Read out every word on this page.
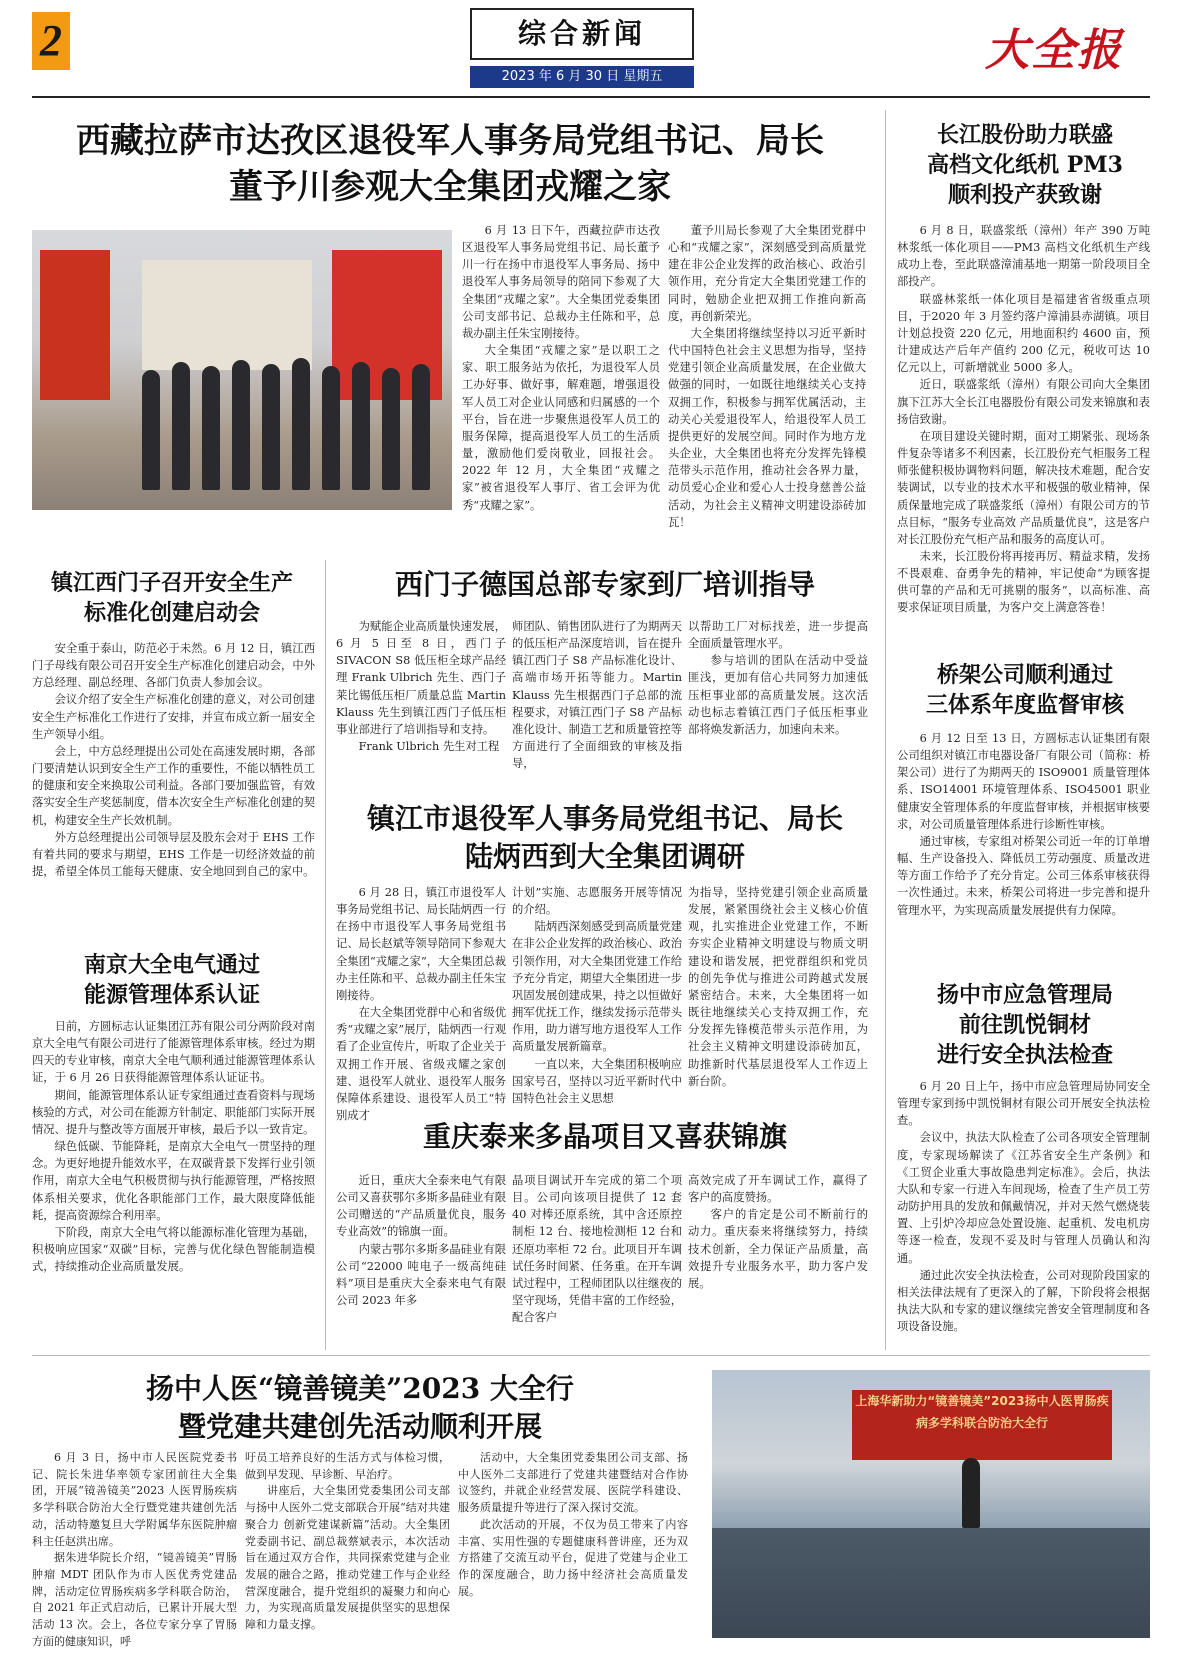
2	综合新闻
2023 年 6 月 30 日 星期五
大全报
西藏拉萨市达孜区退役军人事务局党组书记、局长
董予川参观大全集团戎耀之家

6 月 13 日下午，西藏拉萨市达孜区退役军人事务局党组书记、局长董予川一行在扬中市退役军人事务局、扬中退役军人事务局领导的陪同下参观了大全集团“戎耀之家”。大全集团党委集团公司支部书记、总裁办主任陈和平，总裁办副主任朱宝刚接待。

大全集团“戎耀之家”是以职工之家、职工服务站为依托，为退役军人员工办好事、做好事，解难题，增强退役军人员工对企业认同感和归属感的一个平台，旨在进一步聚焦退役军人员工的服务保障，提高退役军人员工的生活质量，激励他们爱岗敬业，回报社会。2022 年 12 月，大全集团“戎耀之家”被省退役军人事厅、省工会评为优秀“戎耀之家”。

董予川局长参观了大全集团党群中心和“戎耀之家”，深刻感受到高质量党建在非公企业发挥的政治核心、政治引领作用，充分肯定大全集团党建工作的同时，勉励企业把双拥工作推向新高度，再创新荣光。

大全集团将继续坚持以习近平新时代中国特色社会主义思想为指导，坚持党建引领企业高质量发展，在企业做大做强的同时，一如既往地继续关心支持双拥工作，积极参与拥军优属活动，主动关心关爱退役军人，给退役军人员工提供更好的发展空间。同时作为地方龙头企业，大全集团也将充分发挥先锋模范带头示范作用，推动社会各界力量，动员爱心企业和爱心人士投身慈善公益活动，为社会主义精神文明建设添砖加瓦！

长江股份助力联盛
高档文化纸机 PM3
顺利投产获致谢

6 月 8 日，联盛浆纸（漳州）年产 390 万吨林浆纸一体化项目——PM3 高档文化纸机生产线成功上卷，至此联盛漳浦基地一期第一阶段项目全部投产。

联盛林浆纸一体化项目是福建省省级重点项目，于2020 年 3 月签约落户漳浦县赤湖镇。项目计划总投资 220 亿元，用地面积约 4600 亩，预计建成达产后年产值约 200 亿元，税收可达 10 亿元以上，可新增就业 5000 多人。

近日，联盛浆纸（漳州）有限公司向大全集团旗下江苏大全长江电器股份有限公司发来锦旗和表扬信致谢。

在项目建设关键时期，面对工期紧张、现场条件复杂等诸多不利因素，长江股份充气柜服务工程师张健积极协调物料问题，解决技术难题，配合安装调试，以专业的技术水平和极强的敬业精神，保质保量地完成了联盛浆纸（漳州）有限公司方的节点目标，“服务专业高效 产品质量优良”，这是客户对长江股份充气柜产品和服务的高度认可。

未来，长江股份将再接再厉、精益求精，发扬不畏艰难、奋勇争先的精神，牢记使命“为顾客提供可靠的产品和无可挑剔的服务”，以高标准、高要求保证项目质量，为客户交上满意答卷！

镇江西门子召开安全生产
标准化创建启动会

安全重于泰山，防范必于未然。6 月 12 日，镇江西门子母线有限公司召开安全生产标准化创建启动会，中外方总经理、副总经理、各部门负责人参加会议。

会议介绍了安全生产标准化创建的意义，对公司创建安全生产标准化工作进行了安排，并宣布成立新一届安全生产领导小组。

会上，中方总经理提出公司处在高速发展时期，各部门要清楚认识到安全生产工作的重要性，不能以牺牲员工的健康和安全来换取公司利益。各部门要加强监管，有效落实安全生产奖惩制度，借本次安全生产标准化创建的契机，构建安全生产长效机制。

外方总经理提出公司领导层及股东会对于 EHS 工作有着共同的要求与期望，EHS 工作是一切经济效益的前提，希望全体员工能每天健康、安全地回到自己的家中。

西门子德国总部专家到厂培训指导

为赋能企业高质量快速发展，6 月 5 日至 8 日，西门子 SIVACON S8 低压柜全球产品经理 Frank Ulbrich 先生、西门子莱比锡低压柜厂质量总监 Martin Klauss 先生到镇江西门子低压柜事业部进行了培训指导和支持。

Frank Ulbrich 先生对工程

师团队、销售团队进行了为期两天的低压柜产品深度培训，旨在提升镇江西门子 S8 产品标准化设计、高端市场开拓等能力。Martin Klauss 先生根据西门子总部的流程要求，对镇江西门子 S8 产品标准化设计、制造工艺和质量管控等方面进行了全面细致的审核及指导，

以帮助工厂对标找差，进一步提高全面质量管理水平。

参与培训的团队在活动中受益匪浅，更加有信心共同努力加速低压柜事业部的高质量发展。这次活动也标志着镇江西门子低压柜事业部将焕发新活力，加速向未来。

桥架公司顺利通过
三体系年度监督审核

6 月 12 日至 13 日，方圆标志认证集团有限公司组织对镇江市电器设备厂有限公司（简称：桥架公司）进行了为期两天的 ISO9001 质量管理体系、ISO14001 环境管理体系、ISO45001 职业健康安全管理体系的年度监督审核，并根据审核要求，对公司质量管理体系进行诊断性审核。

通过审核，专家组对桥架公司近一年的订单增幅、生产设备投入、降低员工劳动强度、质量改进等方面工作给予了充分肯定。公司三体系审核获得一次性通过。未来，桥架公司将进一步完善和提升管理水平，为实现高质量发展提供有力保障。

镇江市退役军人事务局党组书记、局长
陆炳西到大全集团调研

6 月 28 日，镇江市退役军人事务局党组书记、局长陆炳西一行在扬中市退役军人事务局党组书记、局长赵斌等领导陪同下参观大全集团“戎耀之家”，大全集团总裁办主任陈和平、总裁办副主任朱宝刚接待。

在大全集团党群中心和省级优秀“戎耀之家”展厅，陆炳西一行观看了企业宣传片，听取了企业关于双拥工作开展、省级戎耀之家创建、退役军人就业、退役军人服务保障体系建设、退役军人员工“特别成才

计划”实施、志愿服务开展等情况的介绍。

陆炳西深刻感受到高质量党建在非公企业发挥的政治核心、政治引领作用，对大全集团党建工作给予充分肯定，期望大全集团进一步巩固发展创建成果，持之以恒做好拥军优抚工作，继续发扬示范带头作用，助力谱写地方退役军人工作高质量发展新篇章。

一直以来，大全集团积极响应国家号召，坚持以习近平新时代中国特色社会主义思想

为指导，坚持党建引领企业高质量发展，紧紧围绕社会主义核心价值观，扎实推进企业党建工作，不断夯实企业精神文明建设与物质文明建设和谐发展，把党群组织和党员的创先争优与推进公司跨越式发展紧密结合。未来，大全集团将一如既往地继续关心支持双拥工作，充分发挥先锋模范带头示范作用，为社会主义精神文明建设添砖加瓦，助推新时代基层退役军人工作迈上新台阶。

南京大全电气通过
能源管理体系认证

日前，方圆标志认证集团江苏有限公司分两阶段对南京大全电气有限公司进行了能源管理体系审核。经过为期四天的专业审核，南京大全电气顺利通过能源管理体系认证，于 6 月 26 日获得能源管理体系认证证书。

期间，能源管理体系认证专家组通过查看资料与现场核验的方式，对公司在能源方针制定、职能部门实际开展情况、提升与整改等方面展开审核，最后予以一致肯定。

绿色低碳、节能降耗，是南京大全电气一贯坚持的理念。为更好地提升能效水平，在双碳背景下发挥行业引领作用，南京大全电气积极贯彻与执行能源管理，严格按照体系相关要求，优化各职能部门工作，最大限度降低能耗，提高资源综合利用率。

下阶段，南京大全电气将以能源标准化管理为基础，积极响应国家“双碳”目标，完善与优化绿色智能制造模式，持续推动企业高质量发展。

扬中市应急管理局
前往凯悦铜材
进行安全执法检查

6 月 20 日上午，扬中市应急管理局协同安全管理专家到扬中凯悦铜材有限公司开展安全执法检查。

会议中，执法大队检查了公司各项安全管理制度，专家现场解读了《江苏省安全生产条例》和《工贸企业重大事故隐患判定标准》。会后，执法大队和专家一行进入车间现场，检查了生产员工劳动防护用具的发放和佩戴情况，并对天然气燃烧装置、上引炉冷却应急处置设施、起重机、发电机房等逐一检查，发现不妥及时与管理人员确认和沟通。

通过此次安全执法检查，公司对现阶段国家的相关法律法规有了更深入的了解，下阶段将会根据执法大队和专家的建议继续完善安全管理制度和各项设备设施。

重庆泰来多晶项目又喜获锦旗

近日，重庆大全泰来电气有限公司又喜获鄂尔多斯多晶硅业有限公司赠送的“产品质量优良，服务专业高效”的锦旗一面。

内蒙古鄂尔多斯多晶硅业有限公司“22000 吨电子一级高纯硅料”项目是重庆大全泰来电气有限公司 2023 年多

晶项目调试开车完成的第二个项目。公司向该项目提供了 12 套 40 对棒还原系统，其中含还原控制柜 12 台、接地检测柜 12 台和还原功率柜 72 台。此项目开车调试任务时间紧、任务重。在开车调试过程中，工程师团队以往继夜的坚守现场，凭借丰富的工作经验，配合客户

高效完成了开车调试工作，赢得了客户的高度赞扬。

客户的肯定是公司不断前行的动力。重庆泰来将继续努力，持续技术创新，全力保证产品质量，高效提升专业服务水平，助力客户发展。

扬中人医“镜善镜美”2023 大全行
暨党建共建创先活动顺利开展

6 月 3 日，扬中市人民医院党委书记、院长朱进华率领专家团前往大全集团，开展“镜善镜美”2023 人医胃肠疾病多学科联合防治大全行暨党建共建创先活动，活动特邀复旦大学附属华东医院肿瘤科主任赵洪出席。

据朱进华院长介绍，“镜善镜美”胃肠肿瘤 MDT 团队作为市人医优秀党建品牌，活动定位胃肠疾病多学科联合防治，自 2021 年正式启动后，已累计开展大型活动 13 次。会上，各位专家分享了胃肠方面的健康知识，呼

吁员工培养良好的生活方式与体检习惯，做到早发现、早诊断、早治疗。

讲座后，大全集团党委集团公司支部与扬中人医外二党支部联合开展“结对共建聚合力 创新党建谋新篇”活动。大全集团党委副书记、副总裁蔡斌表示，本次活动旨在通过双方合作，共同探索党建与企业发展的融合之路，推动党建工作与企业经营深度融合，提升党组织的凝聚力和向心力，为实现高质量发展提供坚实的思想保障和力量支撑。

活动中，大全集团党委集团公司支部、扬中人医外二支部进行了党建共建暨结对合作协议签约，并就企业经营发展、医院学科建设、服务质量提升等进行了深入探讨交流。

此次活动的开展，不仅为员工带来了内容丰富、实用性强的专题健康科普讲座，还为双方搭建了交流互动平台，促进了党建与企业工作的深度融合，助力扬中经济社会高质量发展。

上海华新助力“镜善镜美”2023扬中人医胃肠疾病多学科联合防治大全行
